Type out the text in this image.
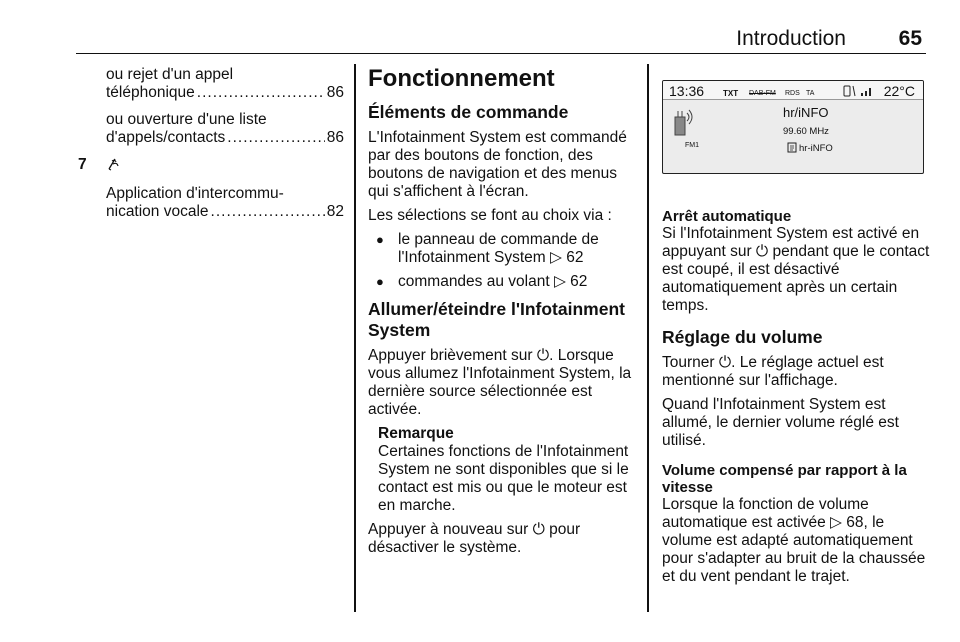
Introduction	65
ou rejet d'un appel
téléphonique .....	86
ou ouverture d'une liste
d'appels/contacts .....	86
7
Application d'intercommu-
nication vocale .....	82
Fonctionnement
Éléments de commande

L'Infotainment System est commandé par des boutons de fonction, des boutons de navigation et des menus qui s'affichent à l'écran.

Les sélections se font au choix via :

● le panneau de commande de l'Infotainment System ▷ 62
● commandes au volant ▷ 62
Allumer/éteindre l'Infotainment System

Appuyer brièvement sur ⏻. Lorsque vous allumez l'Infotainment System, la dernière source sélectionnée est activée.

Remarque
Certaines fonctions de l'Infotainment System ne sont disponibles que si le contact est mis ou que le moteur est en marche.

Appuyer à nouveau sur ⏻ pour désactiver le système.

13:36 TXT DAB-FM RDS TA	22°C
FM1
hr/iNFO
99.60 MHz
hr-iNFO
Arrêt automatique

Si l'Infotainment System est activé en appuyant sur ⏻ pendant que le contact est coupé, il est désactivé automatiquement après un certain temps.

Réglage du volume

Tourner ⏻. Le réglage actuel est mentionné sur l'affichage.

Quand l'Infotainment System est allumé, le dernier volume réglé est utilisé.

Volume compensé par rapport à la vitesse

Lorsque la fonction de volume automatique est activée ▷ 68, le volume est adapté automatiquement pour s'adapter au bruit de la chaussée et du vent pendant le trajet.
